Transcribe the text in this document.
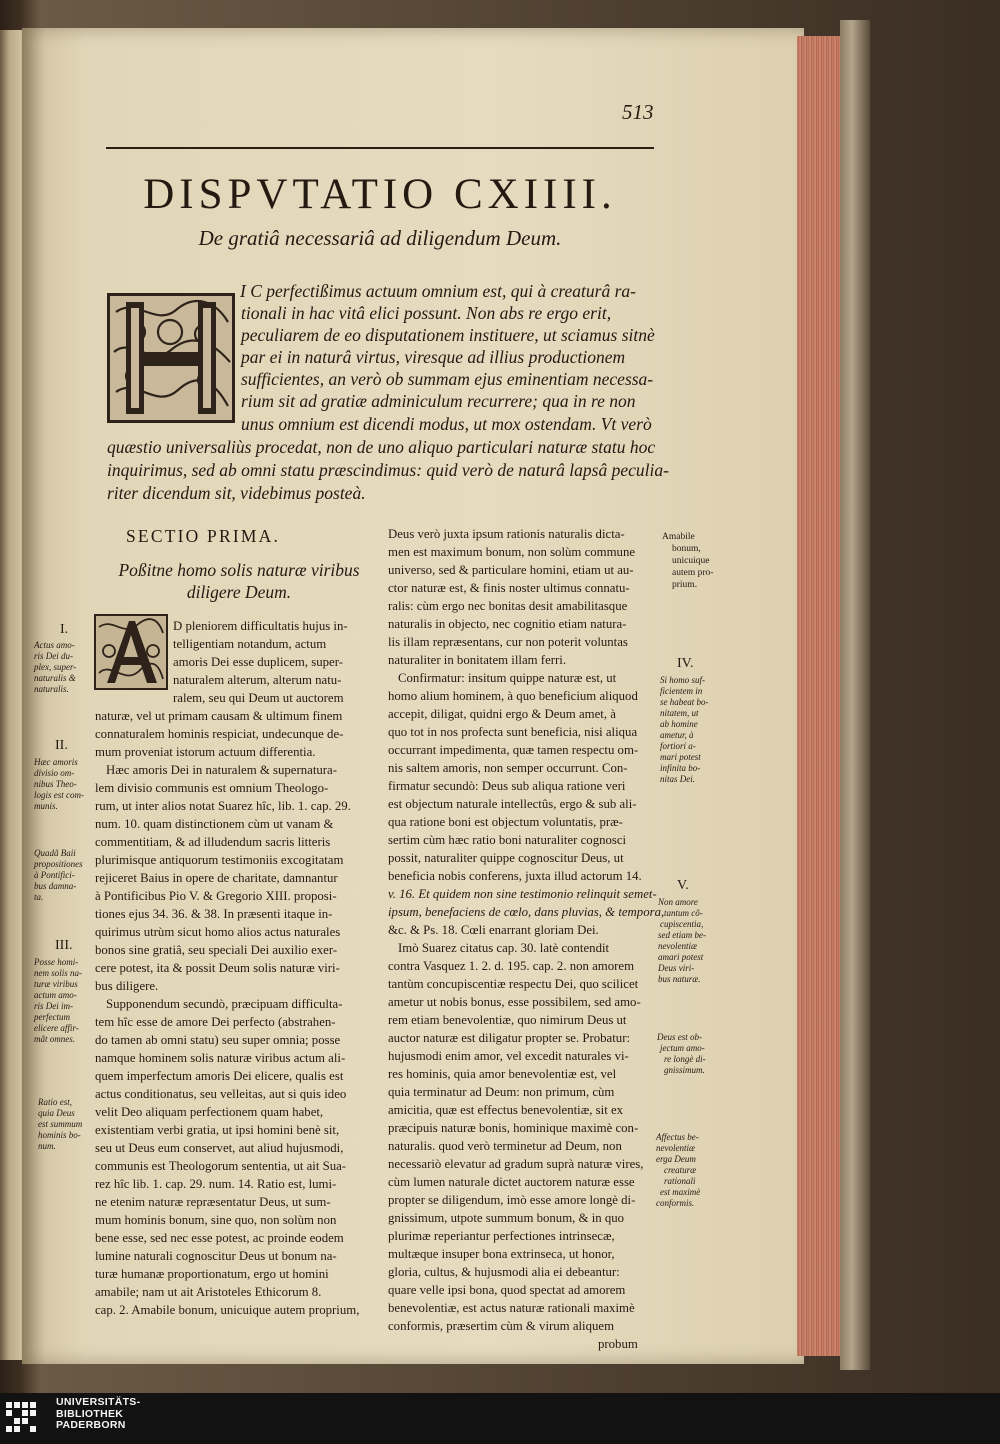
513
DISPVTATIO CXIIII.
De gratiâ necessariâ ad diligendum Deum.
I C perfectißimus actuum omnium est, qui à creaturâ ra-
tionali in hac vitâ elici possunt. Non abs re ergo erit,
peculiarem de eo disputationem instituere, ut sciamus sitnè
par ei in naturâ virtus, viresque ad illius productionem
sufficientes, an verò ob summam ejus eminentiam necessa-
rium sit ad gratiæ adminiculum recurrere; qua in re non
unus omnium est dicendi modus, ut mox ostendam. Vt verò
quæstio universaliùs procedat, non de uno aliquo particulari naturæ statu hoc
inquirimus, sed ab omni statu præscindimus: quid verò de naturâ lapsâ peculia-
riter dicendum sit, videbimus posteà.
SECTIO PRIMA.
Poßitne homo solis naturæ viribus
diligere Deum.
D pleniorem difficultatis hujus in-
telligentiam notandum, actum
amoris Dei esse duplicem, super-
naturalem alterum, alterum natu-
ralem, seu qui Deum ut auctorem
naturæ, vel ut primam causam & ultimum finem
connaturalem hominis respiciat, undecunque de-
mum proveniat istorum actuum differentia.
Hæc amoris Dei in naturalem & supernatura-
lem divisio communis est omnium Theologo-
rum, ut inter alios notat Suarez hîc, lib. 1. cap. 29.
num. 10. quam distinctionem cùm ut vanam &
commentitiam, & ad illudendum sacris litteris
plurimisque antiquorum testimoniis excogitatam
rejiceret Baius in opere de charitate, damnantur
à Pontificibus Pio V. & Gregorio XIII. proposi-
tiones ejus 34. 36. & 38. In præsenti itaque in-
quirimus utrùm sicut homo alios actus naturales
bonos sine gratiâ, seu speciali Dei auxilio exer-
cere potest, ita & possit Deum solis naturæ viri-
bus diligere.
Supponendum secundò, præcipuam difficulta-
tem hîc esse de amore Dei perfecto (abstrahen-
do tamen ab omni statu) seu super omnia; posse
namque hominem solis naturæ viribus actum ali-
quem imperfectum amoris Dei elicere, qualis est
actus conditionatus, seu velleitas, aut si quis ideo
velit Deo aliquam perfectionem quam habet,
existentiam verbi gratia, ut ipsi homini benè sit,
seu ut Deus eum conservet, aut aliud hujusmodi,
communis est Theologorum sententia, ut ait Sua-
rez hîc lib. 1. cap. 29. num. 14. Ratio est, lumi-
ne etenim naturæ repræsentatur Deus, ut sum-
mum hominis bonum, sine quo, non solùm non
bene esse, sed nec esse potest, ac proinde eodem
lumine naturali cognoscitur Deus ut bonum na-
turæ humanæ proportionatum, ergo ut homini
amabile; nam ut ait Aristoteles Ethicorum 8.
cap. 2. Amabile bonum, unicuique autem proprium,
Deus verò juxta ipsum rationis naturalis dicta-
men est maximum bonum, non solùm commune
universo, sed & particulare homini, etiam ut au-
ctor naturæ est, & finis noster ultimus connatu-
ralis: cùm ergo nec bonitas desit amabilitasque
naturalis in objecto, nec cognitio etiam natura-
lis illam repræsentans, cur non poterit voluntas
naturaliter in bonitatem illam ferri.
Confirmatur: insitum quippe naturæ est, ut
homo alium hominem, à quo beneficium aliquod
accepit, diligat, quidni ergo & Deum amet, à
quo tot in nos profecta sunt beneficia, nisi aliqua
occurrant impedimenta, quæ tamen respectu om-
nis saltem amoris, non semper occurrunt. Con-
firmatur secundò: Deus sub aliqua ratione veri
est objectum naturale intellectûs, ergo & sub ali-
qua ratione boni est objectum voluntatis, præ-
sertim cùm hæc ratio boni naturaliter cognosci
possit, naturaliter quippe cognoscitur Deus, ut
beneficia nobis conferens, juxta illud actorum 14.
v. 16. Et quidem non sine testimonio relinquit semet-
ipsum, benefaciens de cœlo, dans pluvias, & tempora,
&c. & Ps. 18. Cœli enarrant gloriam Dei.
Imò Suarez citatus cap. 30. latè contendit
contra Vasquez 1. 2. d. 195. cap. 2. non amorem
tantùm concupiscentiæ respectu Dei, quo scilicet
ametur ut nobis bonus, esse possibilem, sed amo-
rem etiam benevolentiæ, quo nimirum Deus ut
auctor naturæ est diligatur propter se. Probatur:
hujusmodi enim amor, vel excedit naturales vi-
res hominis, quia amor benevolentiæ est, vel
quia terminatur ad Deum: non primum, cùm
amicitia, quæ est effectus benevolentiæ, sit ex
præcipuis naturæ bonis, hominique maximè con-
naturalis. quod verò terminetur ad Deum, non
necessariò elevatur ad gradum suprà naturæ vires,
cùm lumen naturale dictet auctorem naturæ esse
propter se diligendum, imò esse amore longè di-
gnissimum, utpote summum bonum, & in quo
plurimæ reperiantur perfectiones intrinsecæ,
multæque insuper bona extrinseca, ut honor,
gloria, cultus, & hujusmodi alia ei debeantur:
quare velle ipsi bona, quod spectat ad amorem
benevolentiæ, est actus naturæ rationali maximè
conformis, præsertim cùm & virum aliquem
probum
I.
Actus amo-
ris Dei du-
plex, super-
naturalis &
naturalis.
II.
Hæc amoris
divisio om-
nibus Theo-
logis est com-
munis.
Quadã Baii
propositiones
à Pontifici-
bus damna-
ta.
III.
Posse homi-
nem solis na-
turæ viribus
actum amo-
ris Dei im-
perfectum
elicere affir-
mãt omnes.
Ratio est,
quia Deus
est summum
hominis bo-
num.
Amabile
bonum,
unicuique
autem pro-
prium.
IV.
Si homo suf-
ficientem in
se habeat bo-
nitatem, ut
ab homine
ametur, à
fortiori a-
mari potest
infinita bo-
nitas Dei.
V.
Non amore
tantum cõ-
cupiscentia,
sed etiam be-
nevolentiæ
amari potest
Deus viri-
bus naturæ.
Deus est ob-
jectum amo-
re longè di-
gnissimum.
Affectus be-
nevolentiæ
erga Deum
creaturæ
rationali
est maximè
conformis.
UNIVERSITÄTS-
BIBLIOTHEK
PADERBORN
